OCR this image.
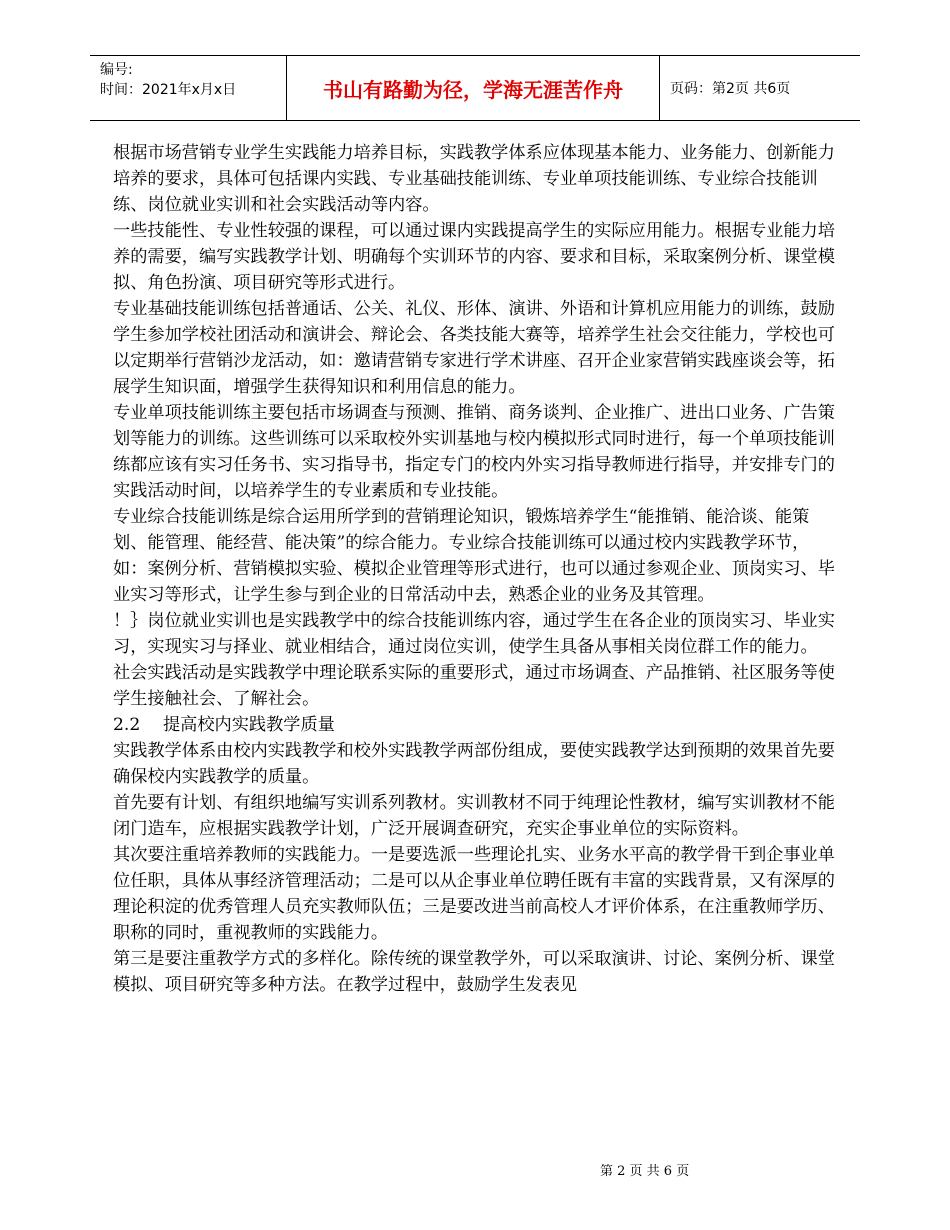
编号:
时间：2021年x月x日	书山有路勤为径，学海无涯苦作舟	页码：第2页 共6页

根据市场营销专业学生实践能力培养目标，实践教学体系应体现基本能力、业务能力、创新能力培养的要求，具体可包括课内实践、专业基础技能训练、专业单项技能训练、专业综合技能训练、岗位就业实训和社会实践活动等内容。

一些技能性、专业性较强的课程，可以通过课内实践提高学生的实际应用能力。根据专业能力培养的需要，编写实践教学计划、明确每个实训环节的内容、要求和目标，采取案例分析、课堂模拟、角色扮演、项目研究等形式进行。

专业基础技能训练包括普通话、公关、礼仪、形体、演讲、外语和计算机应用能力的训练，鼓励学生参加学校社团活动和演讲会、辩论会、各类技能大赛等，培养学生社会交往能力，学校也可以定期举行营销沙龙活动，如：邀请营销专家进行学术讲座、召开企业家营销实践座谈会等，拓展学生知识面，增强学生获得知识和利用信息的能力。

专业单项技能训练主要包括市场调查与预测、推销、商务谈判、企业推广、进出口业务、广告策划等能力的训练。这些训练可以采取校外实训基地与校内模拟形式同时进行，每一个单项技能训练都应该有实习任务书、实习指导书，指定专门的校内外实习指导教师进行指导，并安排专门的实践活动时间，以培养学生的专业素质和专业技能。

专业综合技能训练是综合运用所学到的营销理论知识，锻炼培养学生“能推销、能洽谈、能策划、能管理、能经营、能决策”的综合能力。专业综合技能训练可以通过校内实践教学环节，如：案例分析、营销模拟实验、模拟企业管理等形式进行，也可以通过参观企业、顶岗实习、毕业实习等形式，让学生参与到企业的日常活动中去，熟悉企业的业务及其管理。

！｝岗位就业实训也是实践教学中的综合技能训练内容，通过学生在各企业的顶岗实习、毕业实习，实现实习与择业、就业相结合，通过岗位实训，使学生具备从事相关岗位群工作的能力。

社会实践活动是实践教学中理论联系实际的重要形式，通过市场调查、产品推销、社区服务等使学生接触社会、了解社会。

2.2　 提高校内实践教学质量

实践教学体系由校内实践教学和校外实践教学两部份组成，要使实践教学达到预期的效果首先要确保校内实践教学的质量。

首先要有计划、有组织地编写实训系列教材。实训教材不同于纯理论性教材，编写实训教材不能闭门造车，应根据实践教学计划，广泛开展调查研究，充实企事业单位的实际资料。

其次要注重培养教师的实践能力。一是要选派一些理论扎实、业务水平高的教学骨干到企事业单位任职，具体从事经济管理活动；二是可以从企事业单位聘任既有丰富的实践背景，又有深厚的理论积淀的优秀管理人员充实教师队伍；三是要改进当前高校人才评价体系，在注重教师学历、职称的同时，重视教师的实践能力。

第三是要注重教学方式的多样化。除传统的课堂教学外，可以采取演讲、讨论、案例分析、课堂模拟、项目研究等多种方法。在教学过程中，鼓励学生发表见

第 2 页 共 6 页
